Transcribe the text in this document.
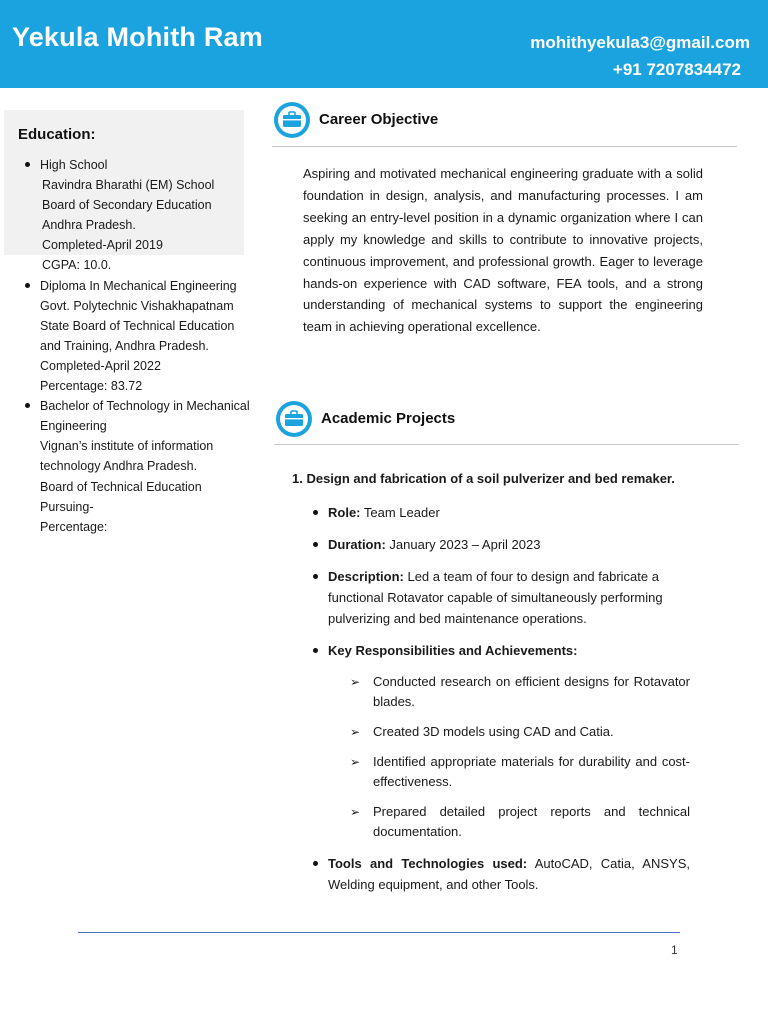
Yekula Mohith Ram	mohithyekula3@gmail.com
+91 7207834472
Education:
High School
Ravindra Bharathi (EM) School
Board of Secondary Education
Andhra Pradesh.
Completed-April 2019
CGPA: 10.0.
Diploma In Mechanical Engineering
Govt. Polytechnic Vishakhapatnam
State Board of Technical Education
and Training, Andhra Pradesh.
Completed-April 2022
Percentage: 83.72
Bachelor of Technology in Mechanical
Engineering
Vignan’s institute of information
technology Andhra Pradesh.
Board of Technical Education
Pursuing-
Percentage:
Career Objective

Aspiring and motivated mechanical engineering graduate with a solid foundation in design, analysis, and manufacturing processes. I am seeking an entry-level position in a dynamic organization where I can apply my knowledge and skills to contribute to innovative projects, continuous improvement, and professional growth. Eager to leverage hands-on experience with CAD software, FEA tools, and a strong understanding of mechanical systems to support the engineering team in achieving operational excellence.

Academic Projects
1. Design and fabrication of a soil pulverizer and bed remaker.
Role: Team Leader
Duration: January 2023 – April 2023
Description: Led a team of four to design and fabricate a functional Rotavator capable of simultaneously performing pulverizing and bed maintenance operations.
Key Responsibilities and Achievements:
➢ Conducted research on efficient designs for Rotavator blades.
➢ Created 3D models using CAD and Catia.
➢ Identified appropriate materials for durability and cost-effectiveness.
➢ Prepared detailed project reports and technical documentation.
Tools and Technologies used: AutoCAD, Catia, ANSYS, Welding equipment, and other Tools.
1
